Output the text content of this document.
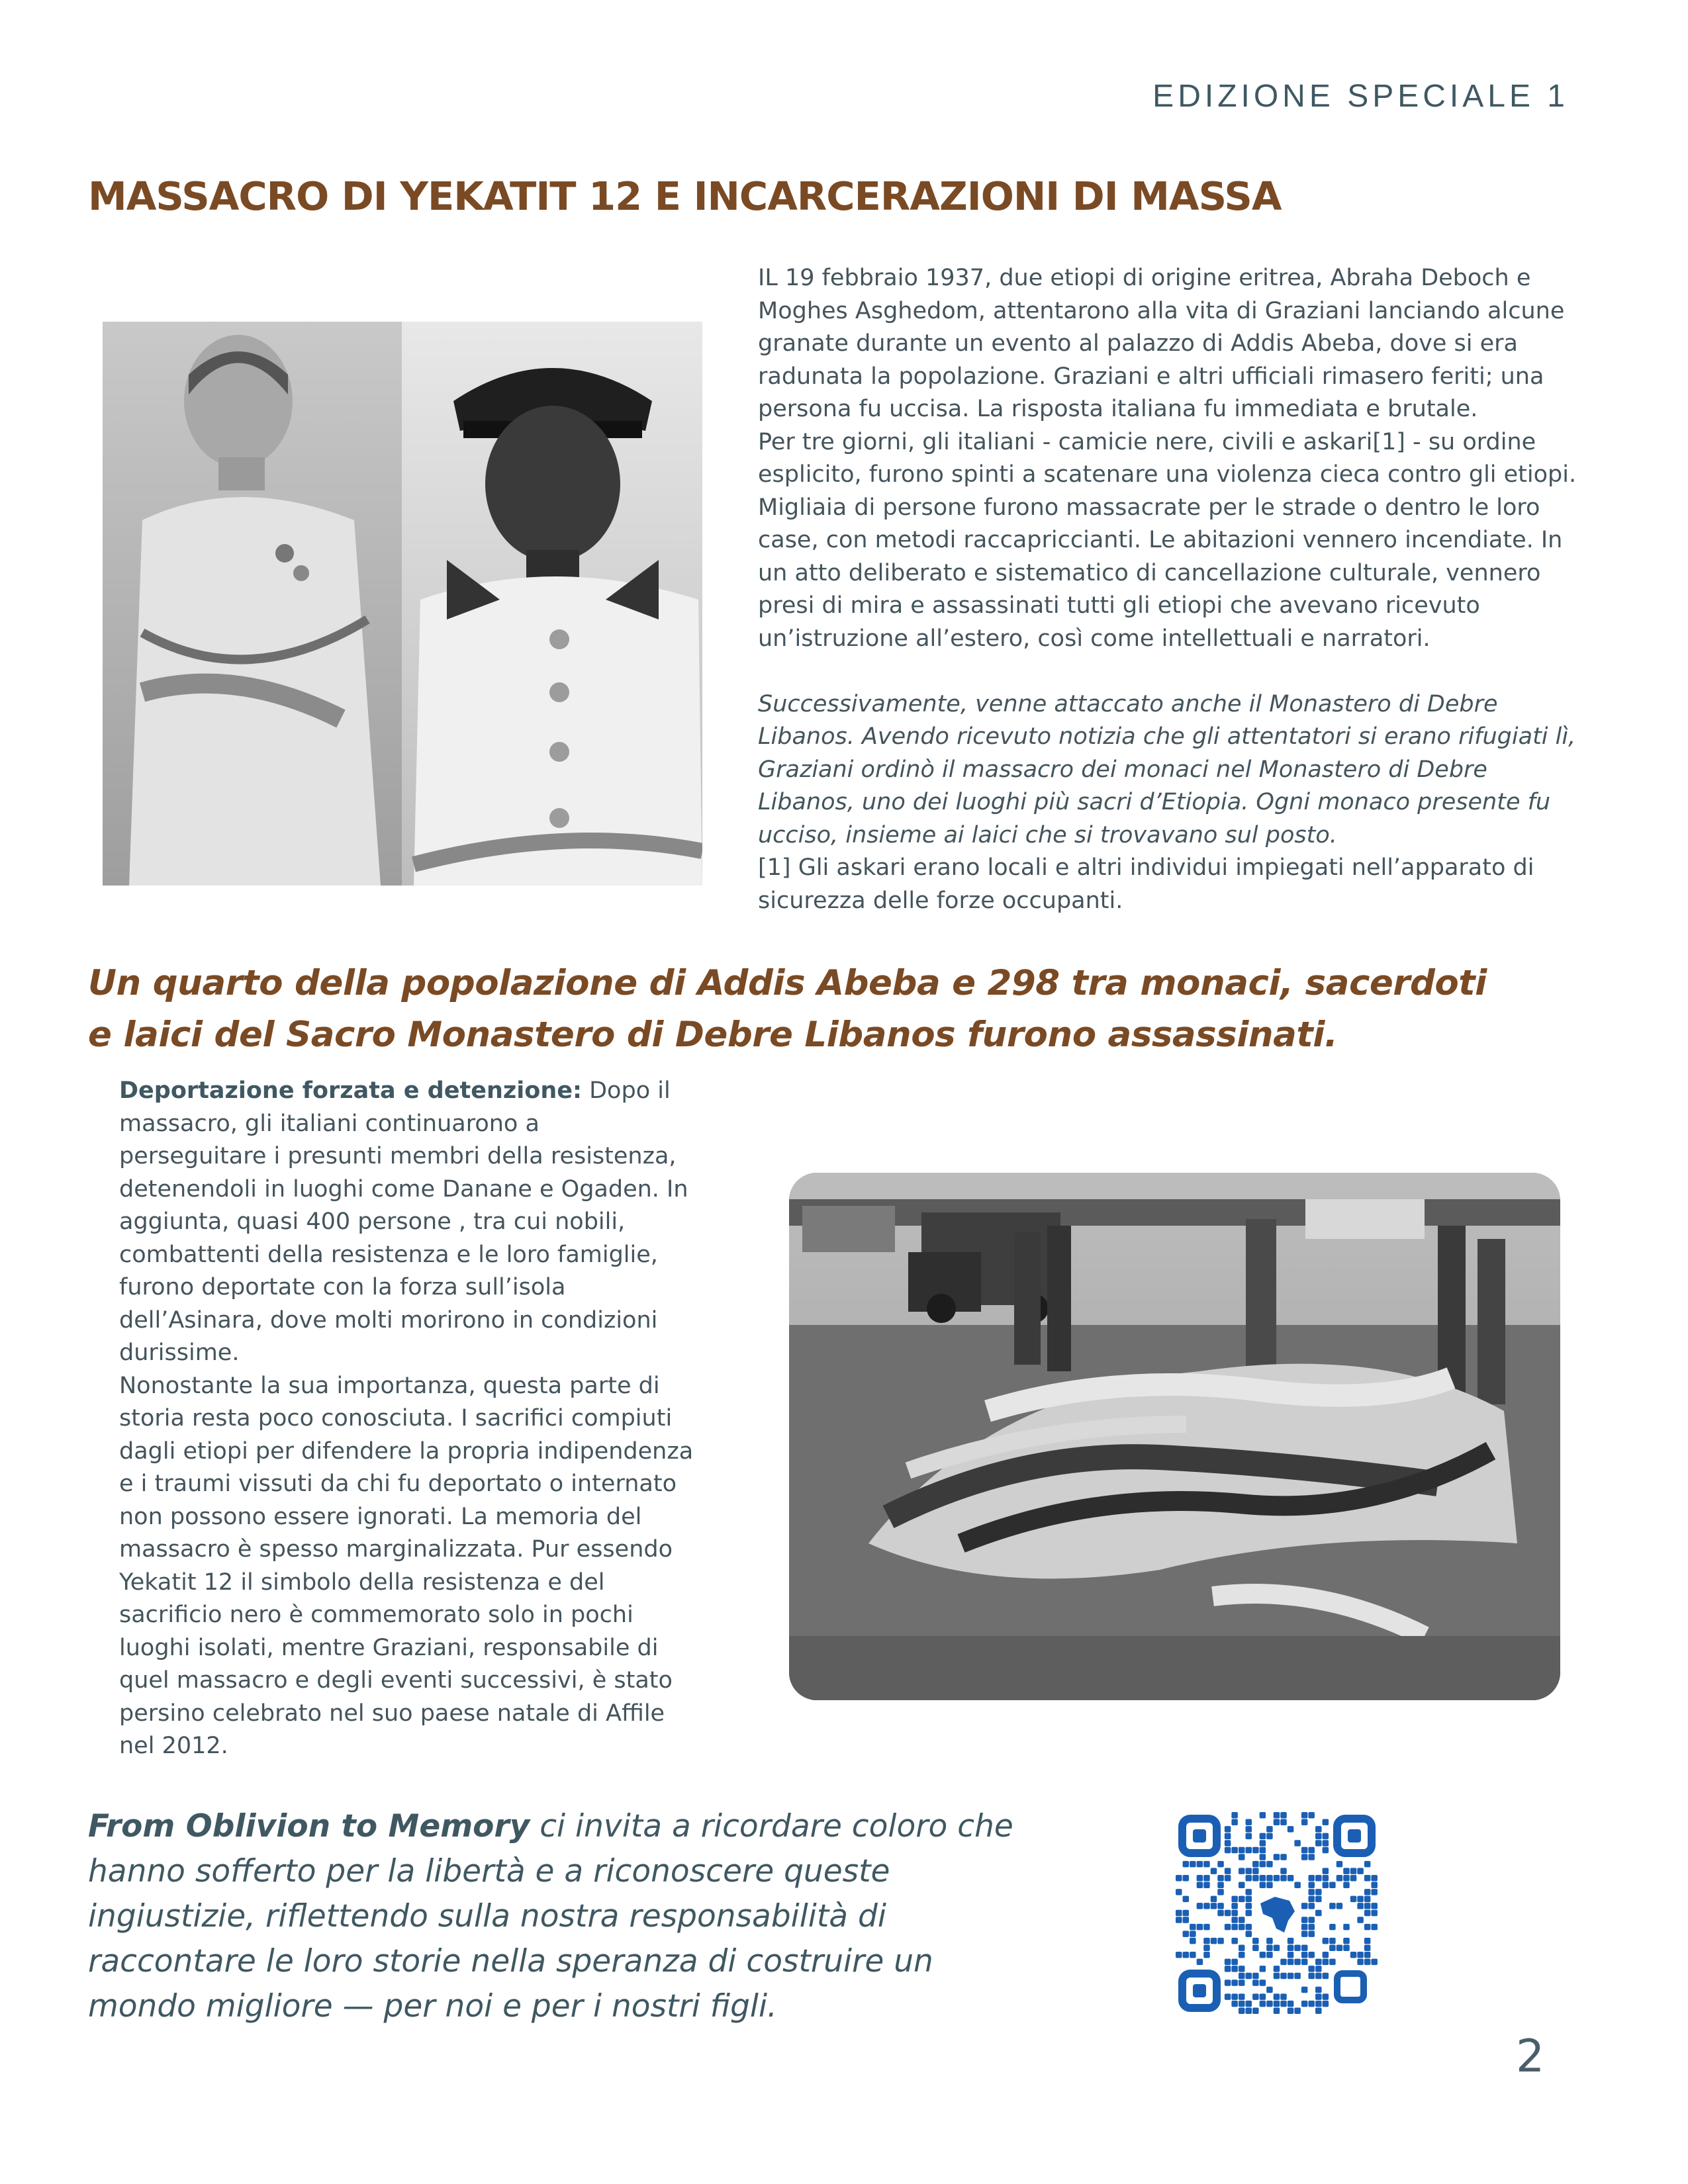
EDIZIONE SPECIALE 1
MASSACRO DI YEKATIT 12 E INCARCERAZIONI DI MASSA

IL 19 febbraio 1937, due etiopi di origine eritrea, Abraha Deboch e

Moghes Asghedom, attentarono alla vita di Graziani lanciando alcune

granate durante un evento al palazzo di Addis Abeba, dove si era

radunata la popolazione. Graziani e altri ufficiali rimasero feriti; una

persona fu uccisa. La risposta italiana fu immediata e brutale.

Per tre giorni, gli italiani - camicie nere, civili e askari[1] - su ordine

esplicito, furono spinti a scatenare una violenza cieca contro gli etiopi.

Migliaia di persone furono massacrate per le strade o dentro le loro

case, con metodi raccapriccianti. Le abitazioni vennero incendiate. In

un atto deliberato e sistematico di cancellazione culturale, vennero

presi di mira e assassinati tutti gli etiopi che avevano ricevuto

un’istruzione all’estero, così come intellettuali e narratori.

Successivamente, venne attaccato anche il Monastero di Debre

Libanos. Avendo ricevuto notizia che gli attentatori si erano rifugiati lì,

Graziani ordinò il massacro dei monaci nel Monastero di Debre

Libanos, uno dei luoghi più sacri d’Etiopia. Ogni monaco presente fu

ucciso, insieme ai laici che si trovavano sul posto.

[1] Gli askari erano locali e altri individui impiegati nell’apparato di

sicurezza delle forze occupanti.

Un quarto della popolazione di Addis Abeba e 298 tra monaci, sacerdoti
e laici del Sacro Monastero di Debre Libanos furono assassinati.

Deportazione forzata e detenzione: Dopo il

massacro, gli italiani continuarono a

perseguitare i presunti membri della resistenza,

detenendoli in luoghi come Danane e Ogaden. In

aggiunta, quasi 400 persone , tra cui nobili,

combattenti della resistenza e le loro famiglie,

furono deportate con la forza sull’isola

dell’Asinara, dove molti morirono in condizioni

durissime.

Nonostante la sua importanza, questa parte di

storia resta poco conosciuta. I sacrifici compiuti

dagli etiopi per difendere la propria indipendenza

e i traumi vissuti da chi fu deportato o internato

non possono essere ignorati. La memoria del

massacro è spesso marginalizzata. Pur essendo

Yekatit 12 il simbolo della resistenza e del

sacrificio nero è commemorato solo in pochi

luoghi isolati, mentre Graziani, responsabile di

quel massacro e degli eventi successivi, è stato

persino celebrato nel suo paese natale di Affile

nel 2012.

From Oblivion to Memory ci invita a ricordare coloro che
hanno sofferto per la libertà e a riconoscere queste
ingiustizie, riflettendo sulla nostra responsabilità di
raccontare le loro storie nella speranza di costruire un
mondo migliore — per noi e per i nostri figli.
2
